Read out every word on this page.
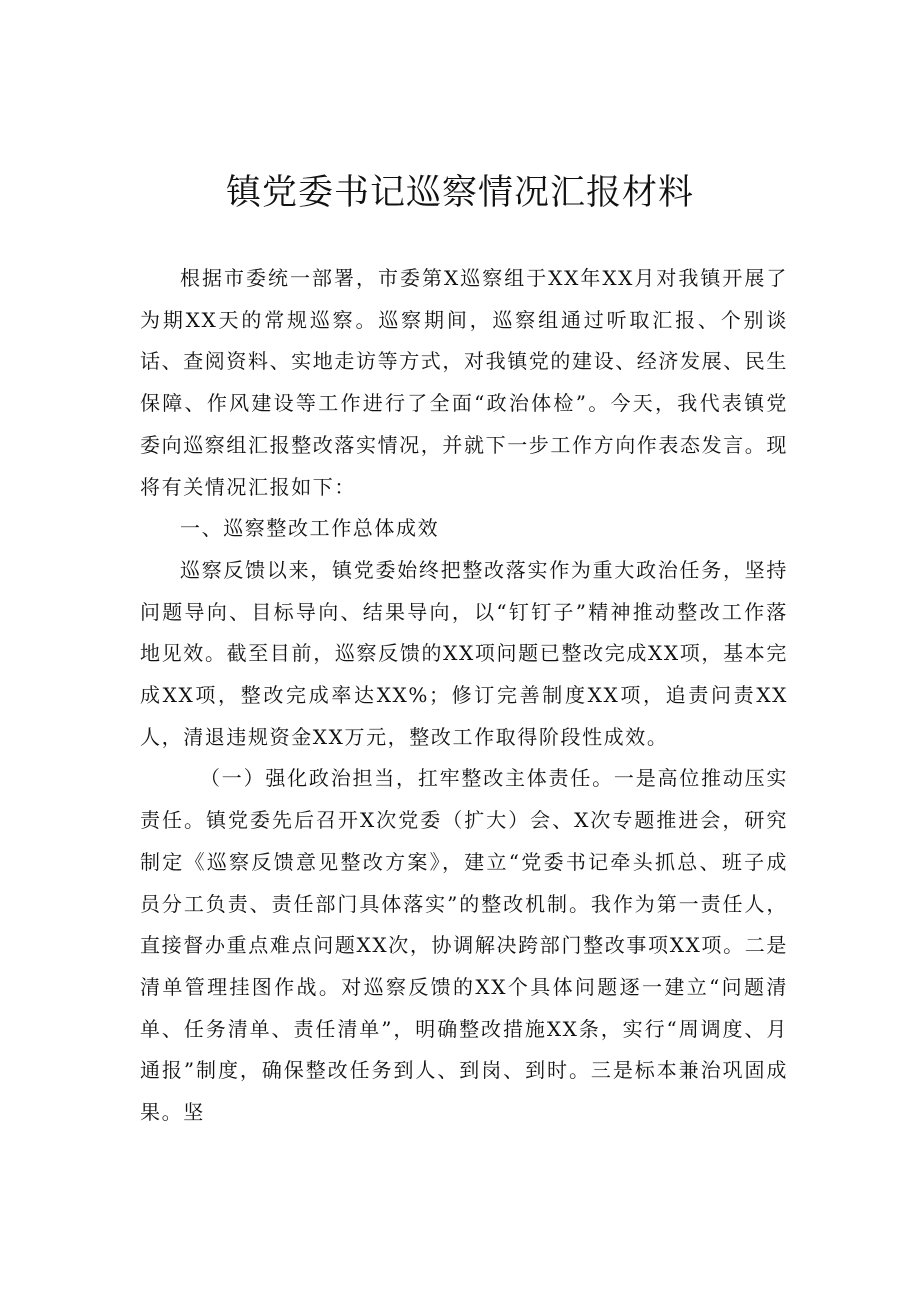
镇党委书记巡察情况汇报材料

根据市委统一部署，市委第X巡察组于XX年XX月对我镇开展了为期XX天的常规巡察。巡察期间，巡察组通过听取汇报、个别谈话、查阅资料、实地走访等方式，对我镇党的建设、经济发展、民生保障、作风建设等工作进行了全面“政治体检”。今天，我代表镇党委向巡察组汇报整改落实情况，并就下一步工作方向作表态发言。现将有关情况汇报如下：

一、巡察整改工作总体成效

巡察反馈以来，镇党委始终把整改落实作为重大政治任务，坚持问题导向、目标导向、结果导向，以“钉钉子”精神推动整改工作落地见效。截至目前，巡察反馈的XX项问题已整改完成XX项，基本完成XX项，整改完成率达XX%；修订完善制度XX项，追责问责XX人，清退违规资金XX万元，整改工作取得阶段性成效。

（一）强化政治担当，扛牢整改主体责任。一是高位推动压实责任。镇党委先后召开X次党委（扩大）会、X次专题推进会，研究制定《巡察反馈意见整改方案》，建立“党委书记牵头抓总、班子成员分工负责、责任部门具体落实”的整改机制。我作为第一责任人，直接督办重点难点问题XX次，协调解决跨部门整改事项XX项。二是清单管理挂图作战。对巡察反馈的XX个具体问题逐一建立“问题清单、任务清单、责任清单”，明确整改措施XX条，实行“周调度、月通报”制度，确保整改任务到人、到岗、到时。三是标本兼治巩固成果。坚
